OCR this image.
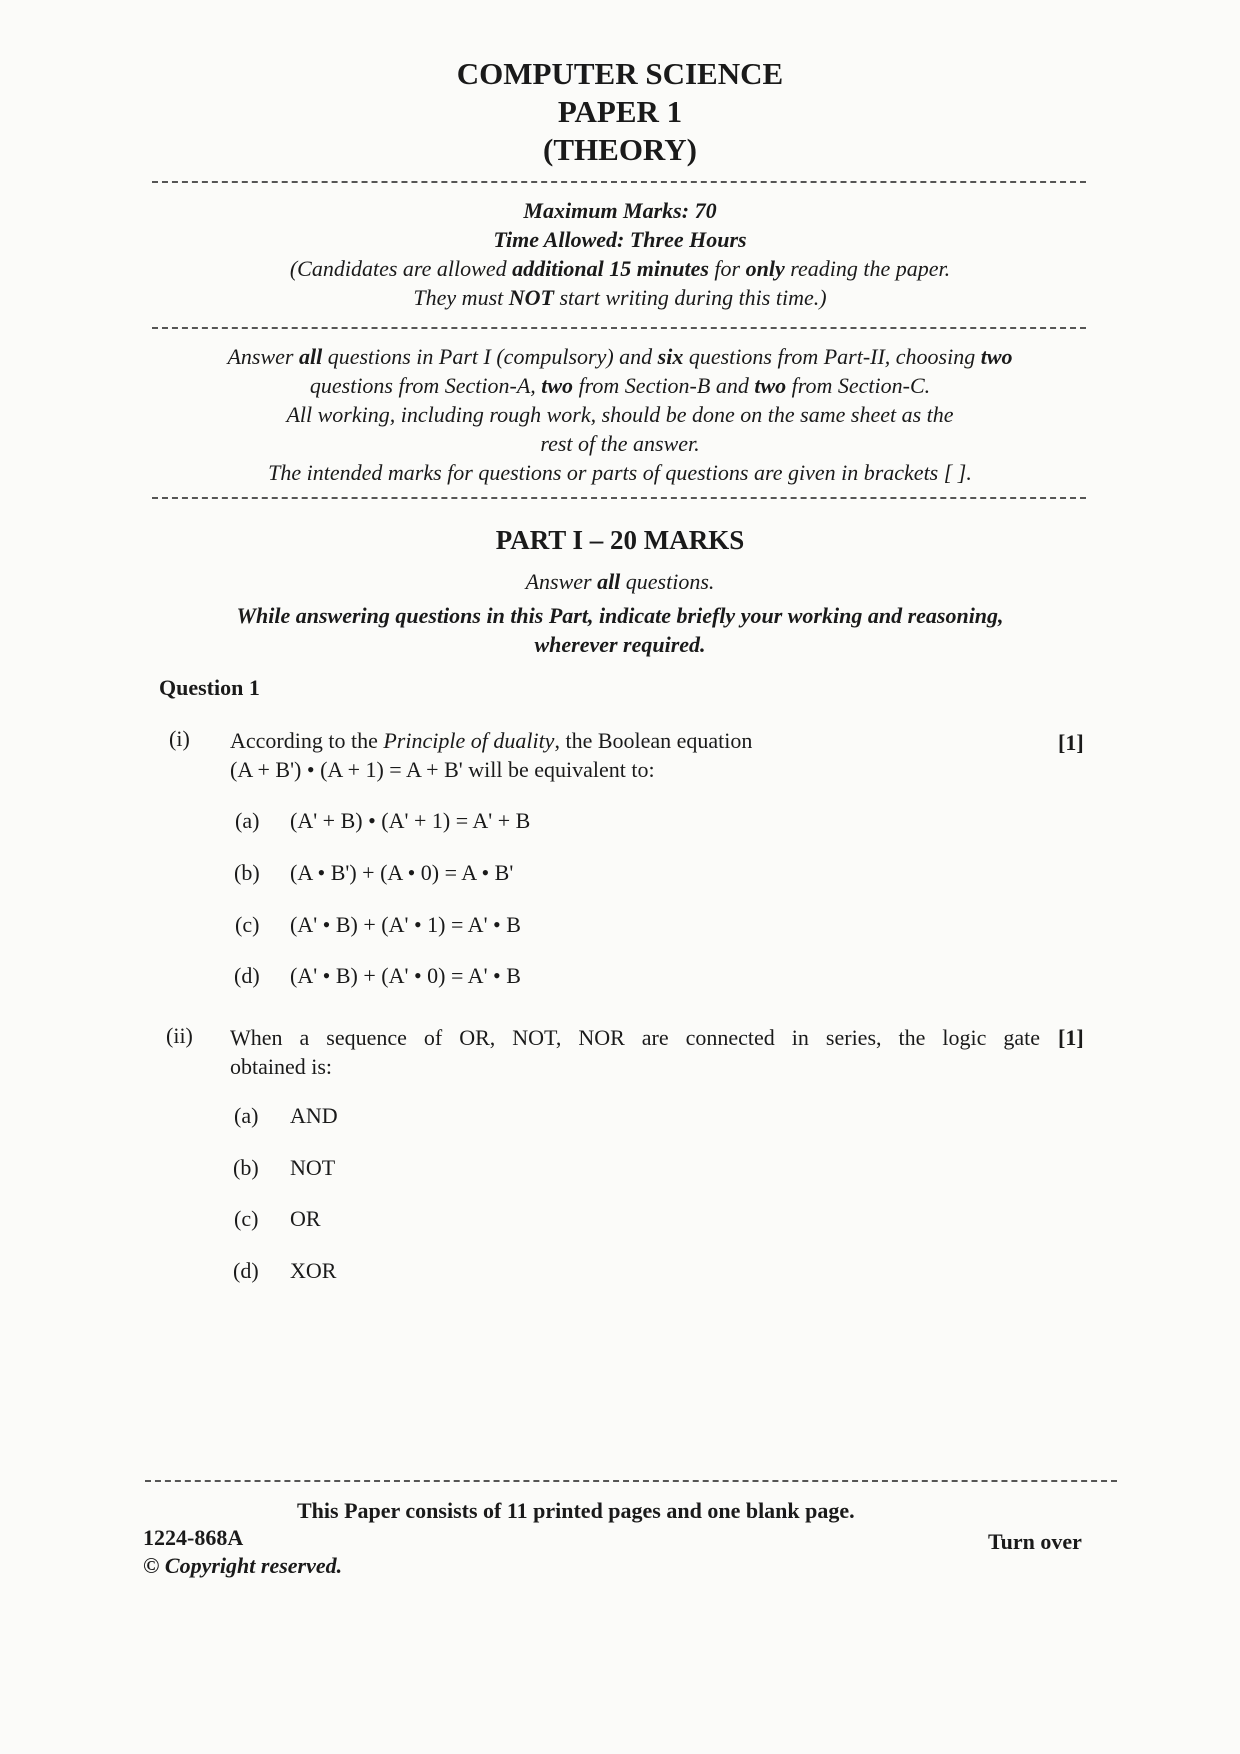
COMPUTER SCIENCE
PAPER 1
(THEORY)
Maximum Marks: 70
Time Allowed: Three Hours
(Candidates are allowed additional 15 minutes for only reading the paper.
They must NOT start writing during this time.)
Answer all questions in Part I (compulsory) and six questions from Part-II, choosing two
questions from Section-A, two from Section-B and two from Section-C.
All working, including rough work, should be done on the same sheet as the
rest of the answer.
The intended marks for questions or parts of questions are given in brackets [ ].
PART I – 20 MARKS
Answer all questions.
While answering questions in this Part, indicate briefly your working and reasoning,
wherever required.
Question 1
(i) According to the Principle of duality, the Boolean equation
(A + B') • (A + 1) = A + B' will be equivalent to:
[1]
(a) (A' + B) • (A' + 1) = A' + B
(b) (A • B') + (A • 0) = A • B'
(c) (A' • B) + (A' • 1) = A' • B
(d) (A' • B) + (A' • 0) = A' • B
(ii) When a sequence of OR, NOT, NOR are connected in series, the logic gate
obtained is:
[1]
(a) AND
(b) NOT
(c) OR
(d) XOR
This Paper consists of 11 printed pages and one blank page.
1224-868A
© Copyright reserved.
Turn over
